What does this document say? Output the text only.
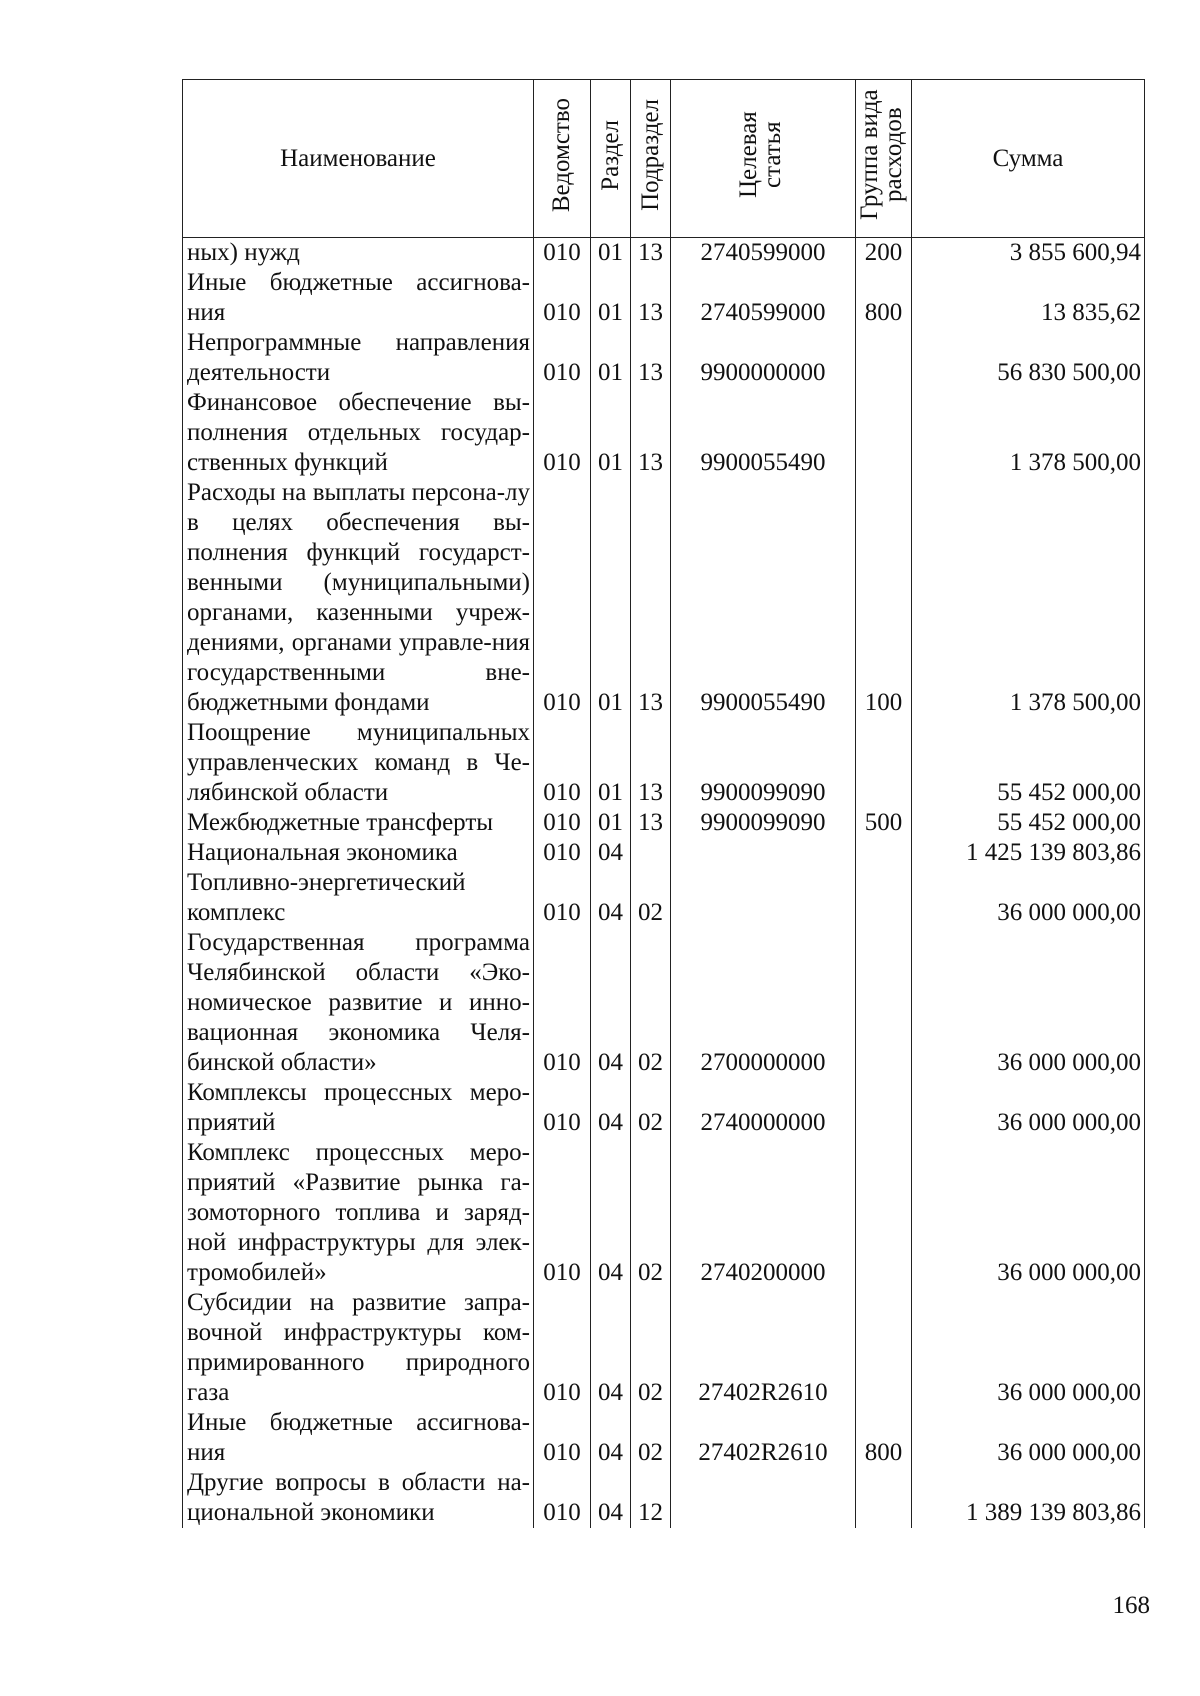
Наименование	Ведомство	Раздел	Подраздел	Целевая статья	Группа вида расходов	Сумма
ных) нужд	010	01	13	2740599000	200	3 855 600,94
Иные бюджетные ассигнова-ния	010	01	13	2740599000	800	13 835,62
Непрограммные направления деятельности	010	01	13	9900000000		56 830 500,00
Финансовое обеспечение вы-полнения отдельных государ-ственных функций	010	01	13	9900055490		1 378 500,00
Расходы на выплаты персона-лу в целях обеспечения вы-полнения функций государст-венными (муниципальными) органами, казенными учреж-дениями, органами управле-ния государственными вне-бюджетными фондами	010	01	13	9900055490	100	1 378 500,00
Поощрение муниципальных управленческих команд в Че-лябинской области	010	01	13	9900099090		55 452 000,00
Межбюджетные трансферты	010	01	13	9900099090	500	55 452 000,00
Национальная экономика	010	04				1 425 139 803,86
Топливно-энергетический комплекс	010	04	02			36 000 000,00
Государственная программа Челябинской области «Эко-номическое развитие и инно-вационная экономика Челя-бинской области»	010	04	02	2700000000		36 000 000,00
Комплексы процессных меро-приятий	010	04	02	2740000000		36 000 000,00
Комплекс процессных меро-приятий «Развитие рынка га-зомоторного топлива и заряд-ной инфраструктуры для элек-тромобилей»	010	04	02	2740200000		36 000 000,00
Субсидии на развитие запра-вочной инфраструктуры ком-примированного природного газа	010	04	02	27402R2610		36 000 000,00
Иные бюджетные ассигнова-ния	010	04	02	27402R2610	800	36 000 000,00
Другие вопросы в области на-циональной экономики	010	04	12			1 389 139 803,86
168
